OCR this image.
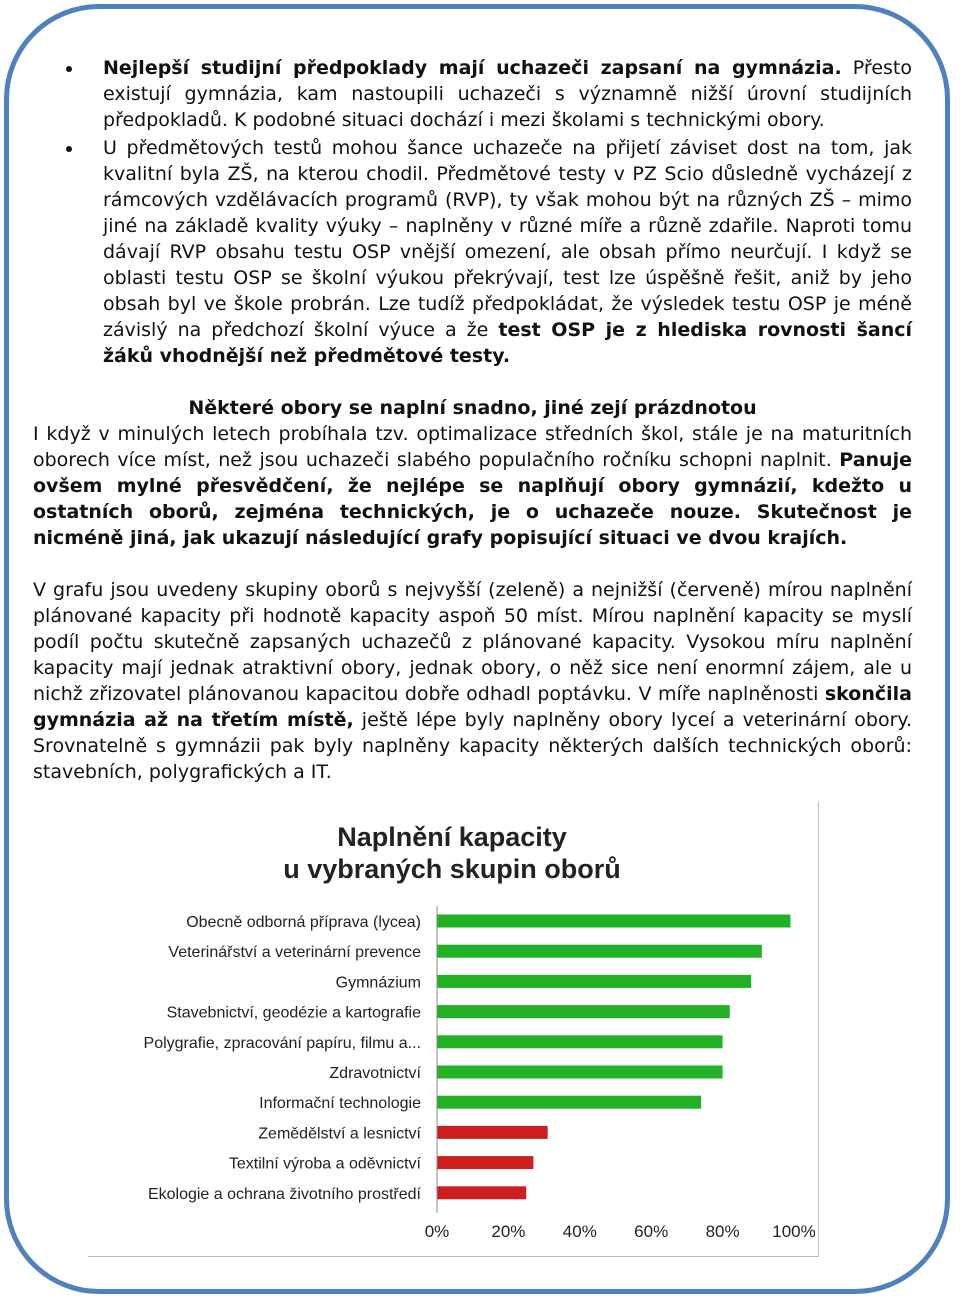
Nejlepší studijní předpoklady mají uchazeči zapsaní na gymnázia. Přesto existují gymnázia, kam nastoupili uchazeči s významně nižší úrovní studijních předpokladů. K podobné situaci dochází i mezi školami s technickými obory.
U předmětových testů mohou šance uchazeče na přijetí záviset dost na tom, jak kvalitní byla ZŠ, na kterou chodil. Předmětové testy v PZ Scio důsledně vycházejí z rámcových vzdělávacích programů (RVP), ty však mohou být na různých ZŠ – mimo jiné na základě kvality výuky – naplněny v různé míře a různě zdařile. Naproti tomu dávají RVP obsahu testu OSP vnější omezení, ale obsah přímo neurčují. I když se oblasti testu OSP se školní výukou překrývají, test lze úspěšně řešit, aniž by jeho obsah byl ve škole probrán. Lze tudíž předpokládat, že výsledek testu OSP je méně závislý na předchozí školní výuce a že test OSP je z hlediska rovnosti šancí žáků vhodnější než předmětové testy.
Některé obory se naplní snadno, jiné zejí prázdnotou

I když v minulých letech probíhala tzv. optimalizace středních škol, stále je na maturitních oborech více míst, než jsou uchazeči slabého populačního ročníku schopni naplnit. Panuje ovšem mylné přesvědčení, že nejlépe se naplňují obory gymnázií, kdežto u ostatních oborů, zejména technických, je o uchazeče nouze. Skutečnost je nicméně jiná, jak ukazují následující grafy popisující situaci ve dvou krajích.

V grafu jsou uvedeny skupiny oborů s nejvyšší (zeleně) a nejnižší (červeně) mírou naplnění plánované kapacity při hodnotě kapacity aspoň 50 míst. Mírou naplnění kapacity se myslí podíl počtu skutečně zapsaných uchazečů z plánované kapacity. Vysokou míru naplnění kapacity mají jednak atraktivní obory, jednak obory, o něž sice není enormní zájem, ale u nichž zřizovatel plánovanou kapacitou dobře odhadl poptávku. V míře naplněnosti skončila gymnázia až na třetím místě, ještě lépe byly naplněny obory lyceí a veterinární obory. Srovnatelně s gymnázii pak byly naplněny kapacity některých dalších technických oborů: stavebních, polygrafických a IT.

Naplnění kapacity
u vybraných skupin oborů
Obecně odborná příprava (lycea)
Veterinářství a veterinární prevence
Gymnázium
Stavebnictví, geodézie a kartografie
Polygrafie, zpracování papíru, filmu a...
Zdravotnictví
Informační technologie
Zemědělství a lesnictví
Textilní výroba a oděvnictví
Ekologie a ochrana životního prostředí
0% 20% 40% 60% 80% 100%
